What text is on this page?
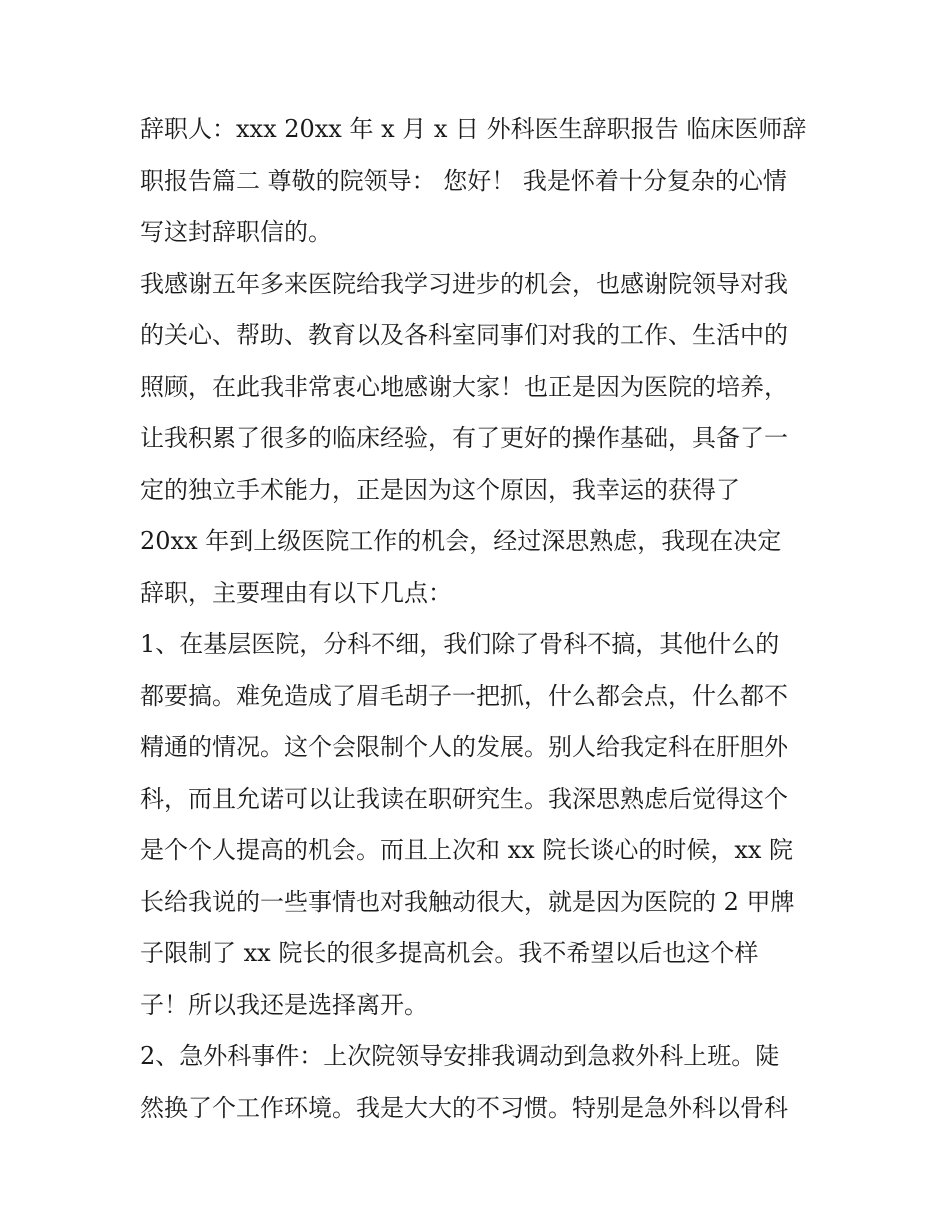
辞职人：xxx 20xx 年 x 月 x 日 外科医生辞职报告 临床医师辞
职报告篇二 尊敬的院领导： 您好！ 我是怀着十分复杂的心情
写这封辞职信的。
我感谢五年多来医院给我学习进步的机会，也感谢院领导对我
的关心、帮助、教育以及各科室同事们对我的工作、生活中的
照顾，在此我非常衷心地感谢大家！也正是因为医院的培养，
让我积累了很多的临床经验，有了更好的操作基础，具备了一
定的独立手术能力，正是因为这个原因，我幸运的获得了
20xx 年到上级医院工作的机会，经过深思熟虑，我现在决定
辞职，主要理由有以下几点：
1、在基层医院，分科不细，我们除了骨科不搞，其他什么的
都要搞。难免造成了眉毛胡子一把抓，什么都会点，什么都不
精通的情况。这个会限制个人的发展。别人给我定科在肝胆外
科，而且允诺可以让我读在职研究生。我深思熟虑后觉得这个
是个个人提高的机会。而且上次和 xx 院长谈心的时候，xx 院
长给我说的一些事情也对我触动很大，就是因为医院的 2 甲牌
子限制了 xx 院长的很多提高机会。我不希望以后也这个样
子！所以我还是选择离开。
2、急外科事件：上次院领导安排我调动到急救外科上班。陡
然换了个工作环境。我是大大的不习惯。特别是急外科以骨科
